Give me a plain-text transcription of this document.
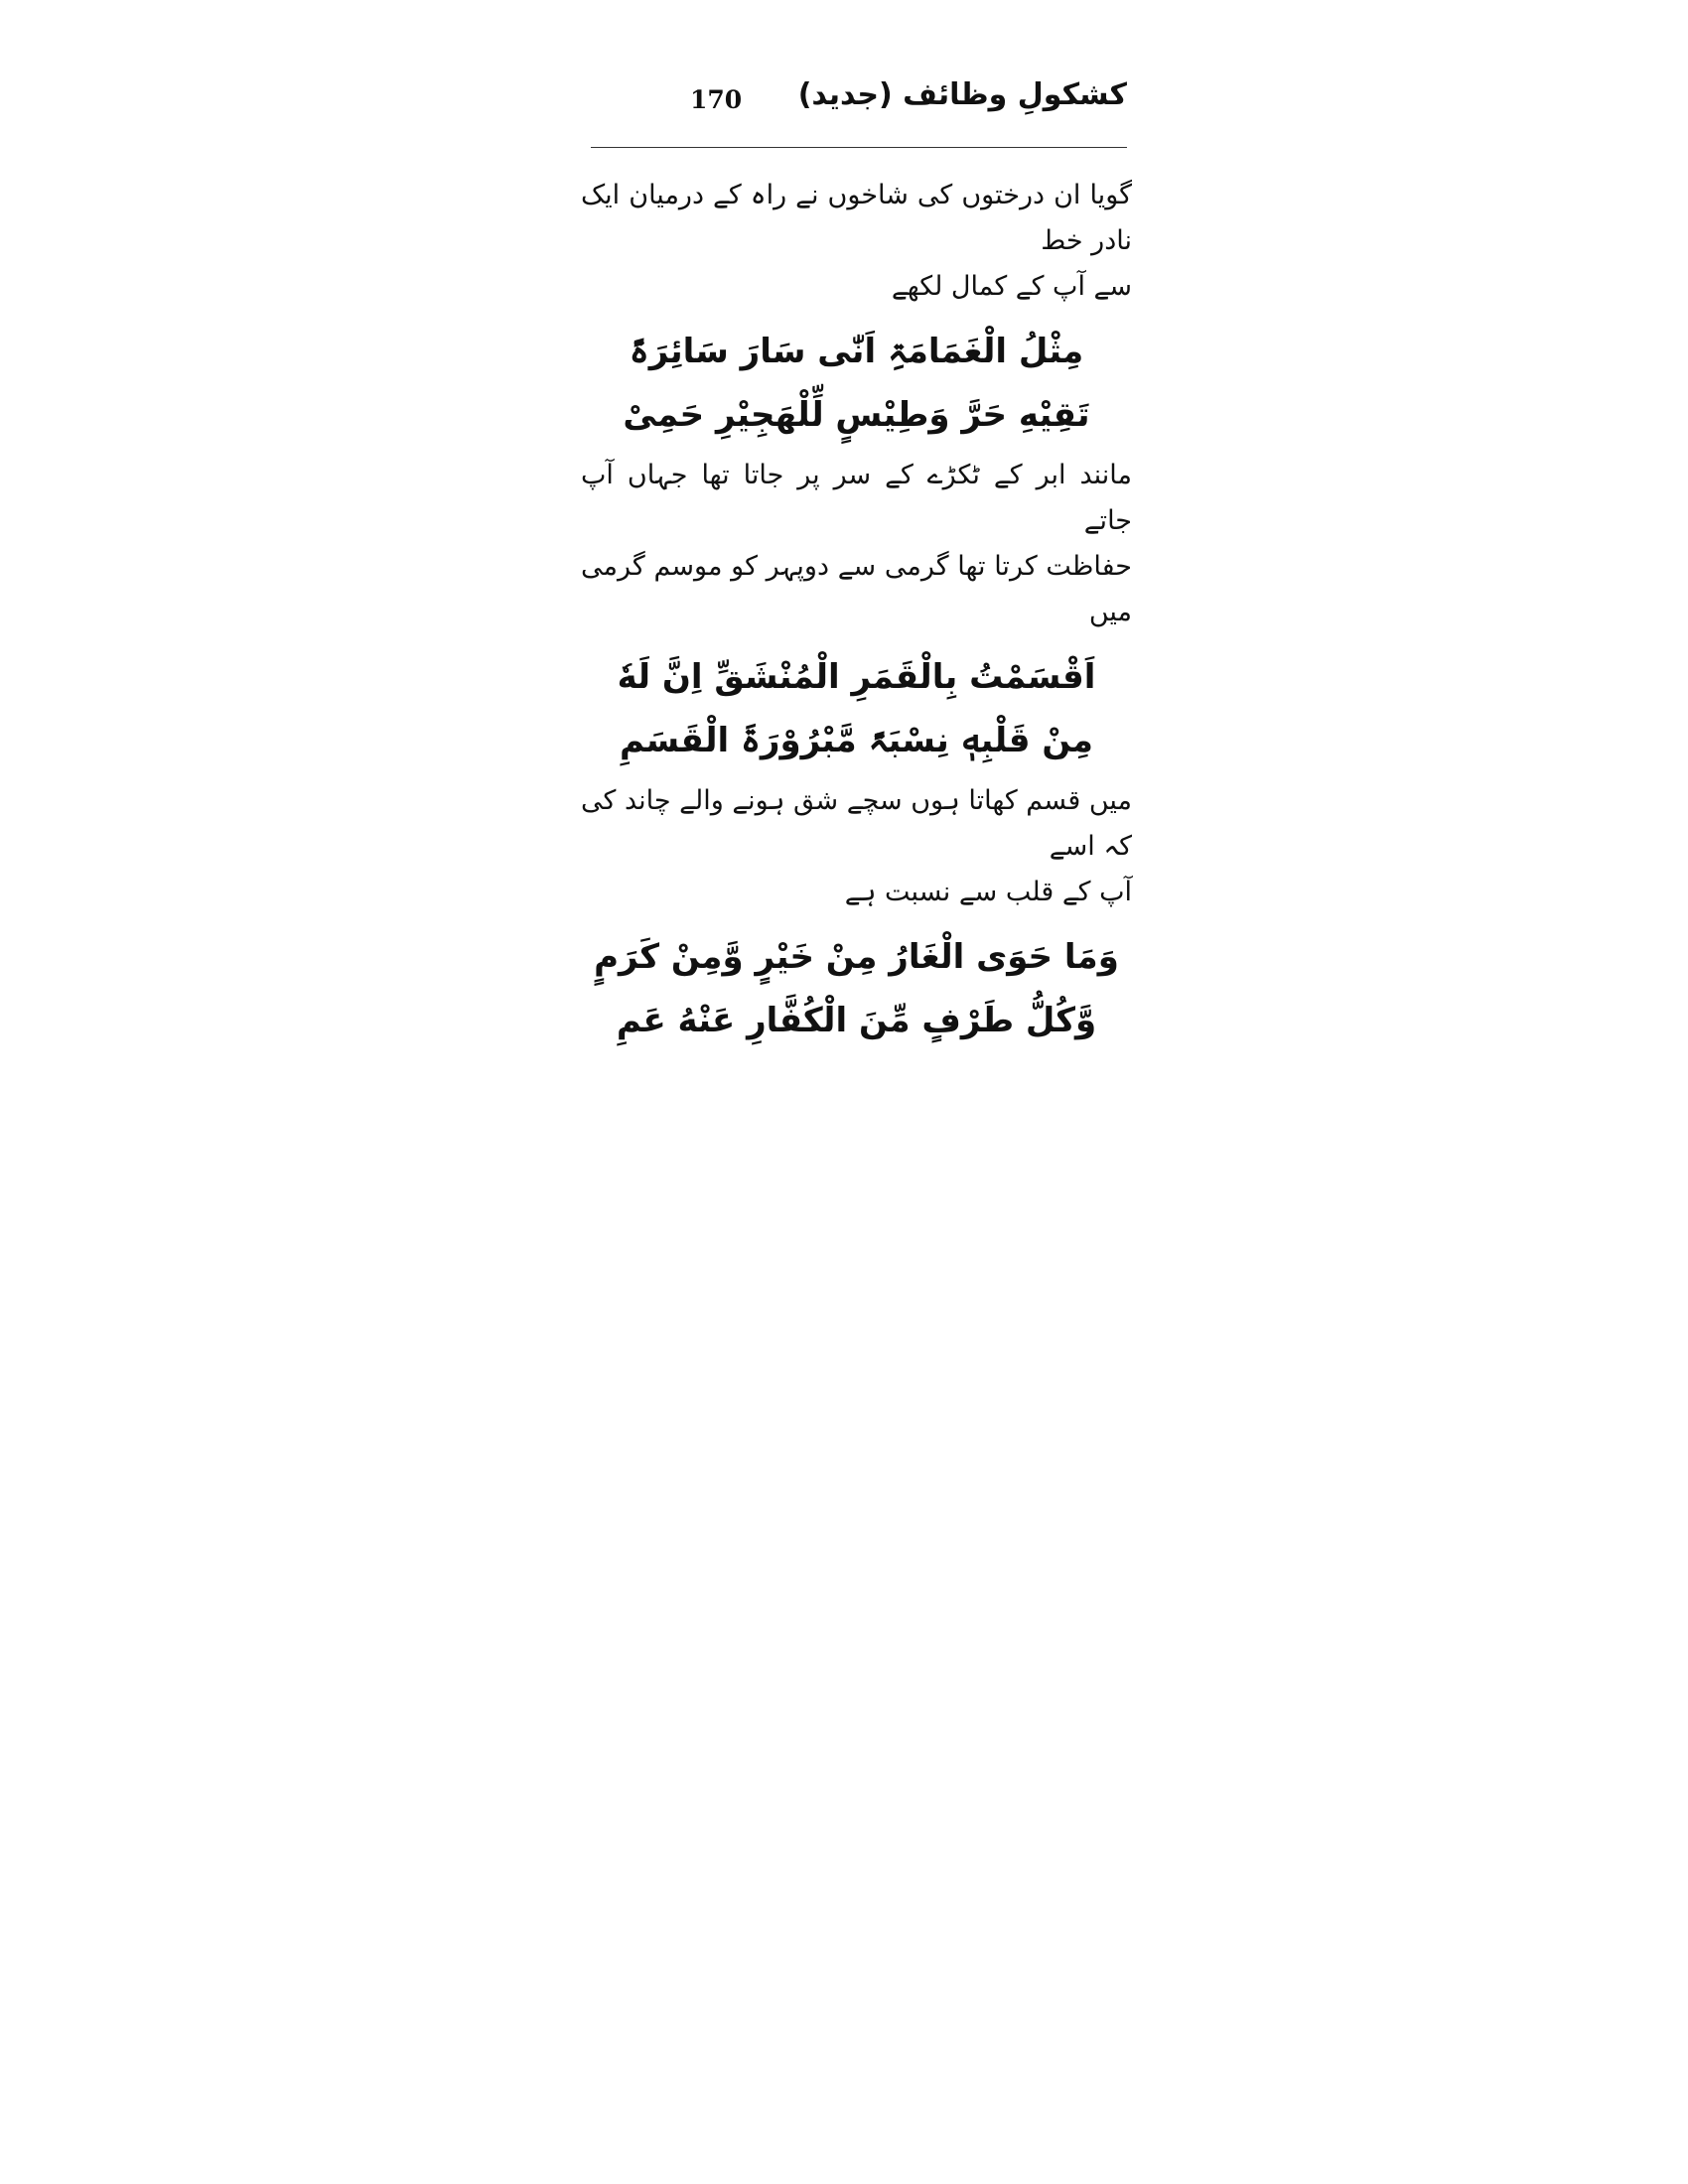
170 کشکولِ وظائف (جدید)

گویا ان درختوں کی شاخوں نے راہ کے درمیان ایک نادر خط

سے آپ کے کمال لکھے

مِثْلُ الْغَمَامَۃِ اَنّٰی سَارَ سَائِرَۃً

تَقِیْهِ حَرَّ وَطِیْسٍ لِّلْهَجِیْرِ حَمِیْ

مانند ابر کے ٹکڑے کے سر پر جاتا تھا جہاں آپ جاتے

حفاظت کرتا تھا گرمی سے دوپہر کو موسم گرمی میں

اَقْسَمْتُ بِالْقَمَرِ الْمُنْشَقِّ اِنَّ لَهٗ

مِنْ قَلْبِهٖ نِسْبَۃً مَّبْرُوْرَۃَ الْقَسَمِ

میں قسم کھاتا ہوں سچے شق ہونے والے چاند کی کہ اسے

آپ کے قلب سے نسبت ہے

وَمَا حَوَی الْغَارُ مِنْ خَیْرٍ وَّمِنْ کَرَمٍ

وَّکُلُّ طَرْفٍ مِّنَ الْکُفَّارِ عَنْهُ عَمِ
